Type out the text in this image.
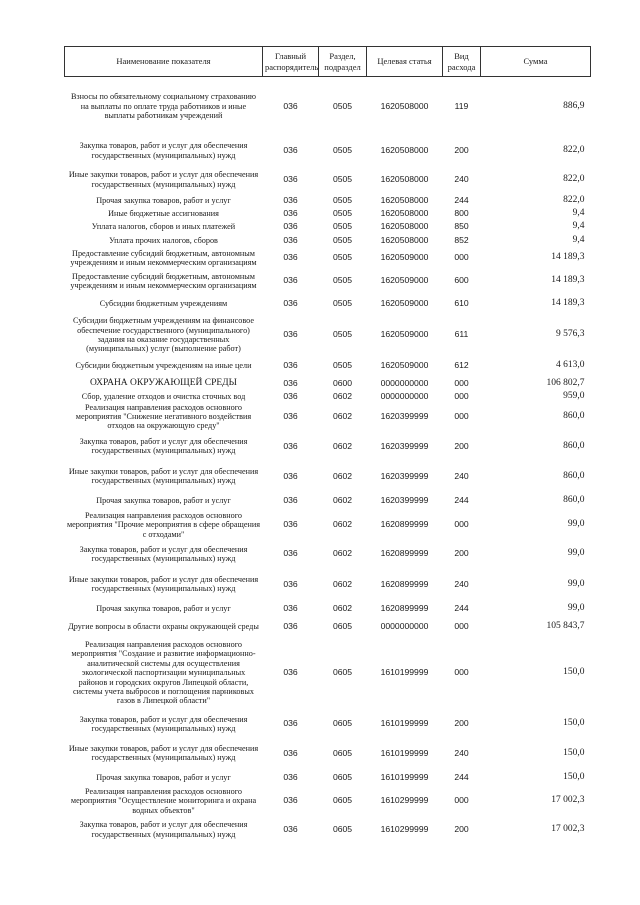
Наименование показателя	Главный распорядитель	Раздел, подраздел	Целевая статья	Вид расхода	Сумма
Взносы по обязательному социальному страхованию на выплаты по оплате труда работников и иные выплаты работникам учреждений	036	0505	1620508000	119	886,9
Закупка товаров, работ и услуг для обеспечения государственных (муниципальных) нужд	036	0505	1620508000	200	822,0
Иные закупки товаров, работ и услуг для обеспечения государственных (муниципальных) нужд	036	0505	1620508000	240	822,0
Прочая закупка товаров, работ и услуг	036	0505	1620508000	244	822,0
Иные бюджетные ассигнования	036	0505	1620508000	800	9,4
Уплата налогов, сборов и иных платежей	036	0505	1620508000	850	9,4
Уплата прочих налогов, сборов	036	0505	1620508000	852	9,4
Предоставление субсидий бюджетным, автономным учреждениям и иным некоммерческим организациям	036	0505	1620509000	000	14 189,3
Предоставление субсидий бюджетным, автономным учреждениям и иным некоммерческим организациям	036	0505	1620509000	600	14 189,3
Субсидии бюджетным учреждениям	036	0505	1620509000	610	14 189,3
Субсидии бюджетным учреждениям на финансовое обеспечение государственного (муниципального) задания на оказание государственных (муниципальных) услуг (выполнение работ)	036	0505	1620509000	611	9 576,3
Субсидии бюджетным учреждениям на иные цели	036	0505	1620509000	612	4 613,0
ОХРАНА ОКРУЖАЮЩЕЙ СРЕДЫ	036	0600	0000000000	000	106 802,7
Сбор, удаление отходов и очистка сточных вод	036	0602	0000000000	000	959,0
Реализация направления расходов основного мероприятия "Снижение негативного воздействия отходов на окружающую среду"	036	0602	1620399999	000	860,0
Закупка товаров, работ и услуг для обеспечения государственных (муниципальных) нужд	036	0602	1620399999	200	860,0
Иные закупки товаров, работ и услуг для обеспечения государственных (муниципальных) нужд	036	0602	1620399999	240	860,0
Прочая закупка товаров, работ и услуг	036	0602	1620399999	244	860,0
Реализация направления расходов основного мероприятия "Прочие мероприятия в сфере обращения с отходами"	036	0602	1620899999	000	99,0
Закупка товаров, работ и услуг для обеспечения государственных (муниципальных) нужд	036	0602	1620899999	200	99,0
Иные закупки товаров, работ и услуг для обеспечения государственных (муниципальных) нужд	036	0602	1620899999	240	99,0
Прочая закупка товаров, работ и услуг	036	0602	1620899999	244	99,0
Другие вопросы в области охраны окружающей среды	036	0605	0000000000	000	105 843,7
Реализация направления расходов основного мероприятия "Создание и развитие информационно-аналитической системы для осуществления экологической паспортизации муниципальных районов и городских округов Липецкой области, системы учета выбросов и поглощения парниковых газов в Липецкой области"	036	0605	1610199999	000	150,0
Закупка товаров, работ и услуг для обеспечения государственных (муниципальных) нужд	036	0605	1610199999	200	150,0
Иные закупки товаров, работ и услуг для обеспечения государственных (муниципальных) нужд	036	0605	1610199999	240	150,0
Прочая закупка товаров, работ и услуг	036	0605	1610199999	244	150,0
Реализация направления расходов основного мероприятия "Осуществление мониторинга и охрана водных объектов"	036	0605	1610299999	000	17 002,3
Закупка товаров, работ и услуг для обеспечения государственных (муниципальных) нужд	036	0605	1610299999	200	17 002,3
